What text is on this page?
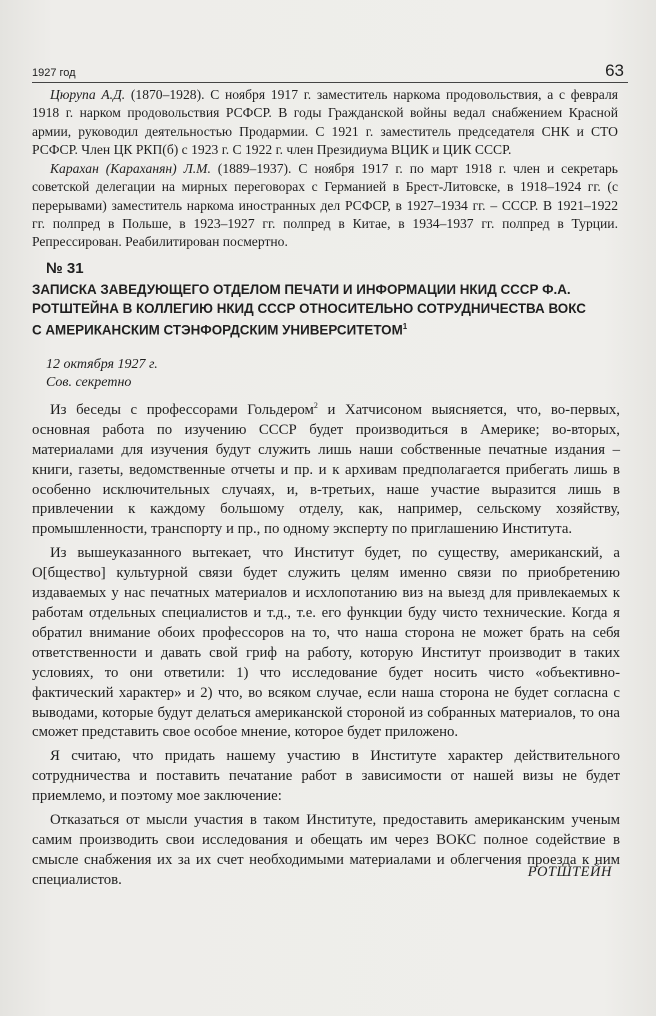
1927 год	63

Цюрупа А.Д. (1870–1928). С ноября 1917 г. заместитель наркома продовольствия, а с февраля 1918 г. нарком продовольствия РСФСР. В годы Гражданской войны ведал снабжением Красной армии, руководил деятельностью Продармии. С 1921 г. заместитель председателя СНК и СТО РСФСР. Член ЦК РКП(б) с 1923 г. С 1922 г. член Президиума ВЦИК и ЦИК СССР.

Карахан (Караханян) Л.М. (1889–1937). С ноября 1917 г. по март 1918 г. член и секретарь советской делегации на мирных переговорах с Германией в Брест-Литовске, в 1918–1924 гг. (с перерывами) заместитель наркома иностранных дел РСФСР, в 1927–1934 гг. – СССР. В 1921–1922 гг. полпред в Польше, в 1923–1927 гг. полпред в Китае, в 1934–1937 гг. полпред в Турции. Репрессирован. Реабилитирован посмертно.

№ 31
ЗАПИСКА ЗАВЕДУЮЩЕГО ОТДЕЛОМ ПЕЧАТИ И ИНФОРМАЦИИ НКИД СССР Ф.А. РОТШТЕЙНА В КОЛЛЕГИЮ НКИД СССР ОТНОСИТЕЛЬНО СОТРУДНИЧЕСТВА ВОКС С АМЕРИКАНСКИМ СТЭНФОРДСКИМ УНИВЕРСИТЕТОМ$^1$
12 октября 1927 г.
Сов. секретно

Из беседы с профессорами Гольдером$^2$ и Хатчисоном выясняется, что, во-первых, основная работа по изучению СССР будет производиться в Америке; во-вторых, материалами для изучения будут служить лишь наши собственные печатные издания – книги, газеты, ведомственные отчеты и пр. и к архивам предполагается прибегать лишь в особенно исключительных случаях, и, в-третьих, наше участие выразится лишь в привлечении к каждому большому отделу, как, например, сельскому хозяйству, промышленности, транспорту и пр., по одному эксперту по приглашению Института.

Из вышеуказанного вытекает, что Институт будет, по существу, американский, а О[бщество] культурной связи будет служить целям именно связи по приобретению издаваемых у нас печатных материалов и исхлопотанию виз на выезд для привлекаемых к работам отдельных специалистов и т.д., т.е. его функции буду чисто технические. Когда я обратил внимание обоих профессоров на то, что наша сторона не может брать на себя ответственности и давать свой гриф на работу, которую Институт производит в таких условиях, то они ответили: 1) что исследование будет носить чисто «объективно-фактический характер» и 2) что, во всяком случае, если наша сторона не будет согласна с выводами, которые будут делаться американской стороной из собранных материалов, то она сможет представить свое особое мнение, которое будет приложено.

Я считаю, что придать нашему участию в Институте характер действительного сотрудничества и поставить печатание работ в зависимости от нашей визы не будет приемлемо, и поэтому мое заключение:

Отказаться от мысли участия в таком Институте, предоставить американским ученым самим производить свои исследования и обещать им через ВОКС полное содействие в смысле снабжения их за их счет необходимыми материалами и облегчения проезда к ним специалистов.	РОТШТЕЙН
